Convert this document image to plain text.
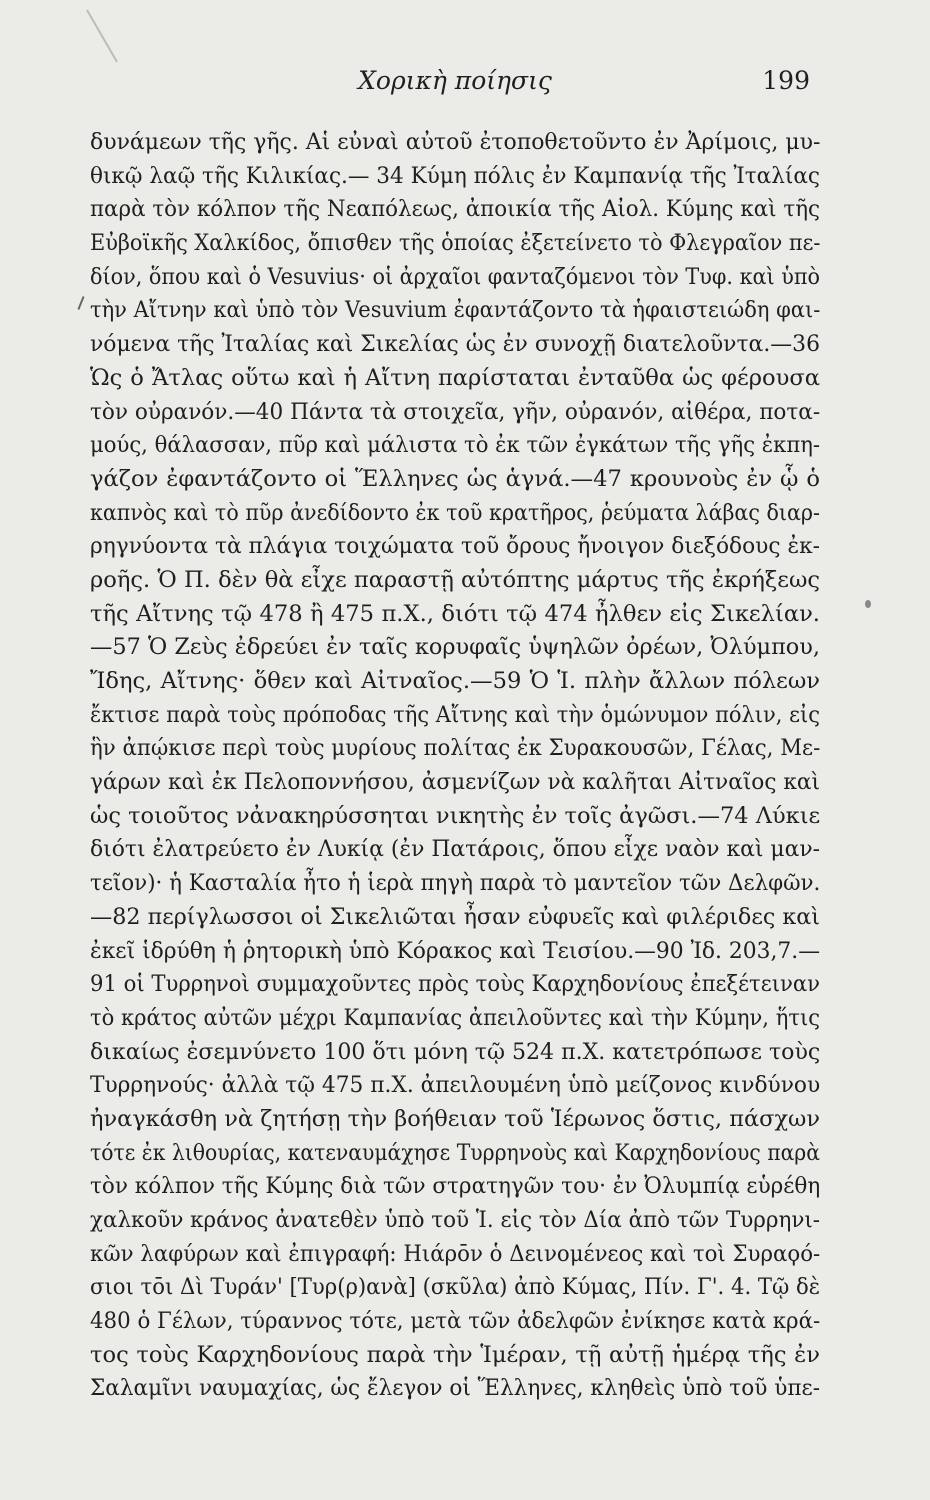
Χορικὴ ποίησις	199
δυνάμεων τῆς γῆς. Αἱ εὐναὶ αὐτοῦ ἐτοποθετοῦντο ἐν Ἀρίμοις, μυ-
θικῷ λαῷ τῆς Κιλικίας.— 34 Κύμη πόλις ἐν Καμπανίᾳ τῆς Ἰταλίας
παρὰ τὸν κόλπον τῆς Νεαπόλεως, ἀποικία τῆς Αἰολ. Κύμης καὶ τῆς
Εὐβοϊκῆς Χαλκίδος, ὄπισθεν τῆς ὁποίας ἐξετείνετο τὸ Φλεγραῖον πε-
δίον, ὅπου καὶ ὁ Vesuvius· οἱ ἀρχαῖοι φανταζόμενοι τὸν Τυφ. καὶ ὑπὸ
τὴν Αἴτνην καὶ ὑπὸ τὸν Vesuvium ἐφαντάζοντο τὰ ἡφαιστειώδη φαι-
νόμενα τῆς Ἰταλίας καὶ Σικελίας ὡς ἐν συνοχῇ διατελοῦντα.—36
Ὡς ὁ Ἄτλας οὕτω καὶ ἡ Αἴτνη παρίσταται ἐνταῦθα ὡς φέρουσα
τὸν οὐρανόν.—40 Πάντα τὰ στοιχεῖα, γῆν, οὐρανόν, αἰθέρα, ποτα-
μούς, θάλασσαν, πῦρ καὶ μάλιστα τὸ ἐκ τῶν ἐγκάτων τῆς γῆς ἐκπη-
γάζον ἐφαντάζοντο οἱ Ἕλληνες ὡς ἁγνά.—47 κρουνοὺς ἐν ᾧ ὁ
καπνὸς καὶ τὸ πῦρ ἀνεδίδοντο ἐκ τοῦ κρατῆρος, ῥεύματα λάβας διαρ-
ρηγνύοντα τὰ πλάγια τοιχώματα τοῦ ὄρους ἤνοιγον διεξόδους ἐκ-
ροῆς. Ὁ Π. δὲν θὰ εἶχε παραστῇ αὐτόπτης μάρτυς τῆς ἐκρήξεως
τῆς Αἴτνης τῷ 478 ἢ 475 π.Χ., διότι τῷ 474 ἦλθεν εἰς Σικελίαν.
—57 Ὁ Ζεὺς ἐδρεύει ἐν ταῖς κορυφαῖς ὑψηλῶν ὀρέων, Ὀλύμπου,
Ἴδης, Αἴτνης· ὅθεν καὶ Αἰτναῖος.—59 Ὁ Ἱ. πλὴν ἄλλων πόλεων
ἔκτισε παρὰ τοὺς πρόποδας τῆς Αἴτνης καὶ τὴν ὁμώνυμον πόλιν, εἰς
ἣν ἀπῴκισε περὶ τοὺς μυρίους πολίτας ἐκ Συρακουσῶν, Γέλας, Με-
γάρων καὶ ἐκ Πελοποννήσου, ἀσμενίζων νὰ καλῆται Αἰτναῖος καὶ
ὡς τοιοῦτος νἀνακηρύσσηται νικητὴς ἐν τοῖς ἀγῶσι.—74 Λύκιε
διότι ἐλατρεύετο ἐν Λυκίᾳ (ἐν Πατάροις, ὅπου εἶχε ναὸν καὶ μαν-
τεῖον)· ἡ Κασταλία ἦτο ἡ ἱερὰ πηγὴ παρὰ τὸ μαντεῖον τῶν Δελφῶν.
—82 περίγλωσσοι οἱ Σικελιῶται ἦσαν εὐφυεῖς καὶ φιλέριδες καὶ
ἐκεῖ ἱδρύθη ἡ ῥητορικὴ ὑπὸ Κόρακος καὶ Τεισίου.—90 Ἰδ. 203,7.—
91 οἱ Τυρρηνοὶ συμμαχοῦντες πρὸς τοὺς Καρχηδονίους ἐπεξέτειναν
τὸ κράτος αὐτῶν μέχρι Καμπανίας ἀπειλοῦντες καὶ τὴν Κύμην, ἥτις
δικαίως ἐσεμνύνετο 100 ὅτι μόνη τῷ 524 π.Χ. κατετρόπωσε τοὺς
Τυρρηνούς· ἀλλὰ τῷ 475 π.Χ. ἀπειλουμένη ὑπὸ μείζονος κινδύνου
ἠναγκάσθη νὰ ζητήσῃ τὴν βοήθειαν τοῦ Ἱέρωνος ὅστις, πάσχων
τότε ἐκ λιθουρίας, κατεναυμάχησε Τυρρηνοὺς καὶ Καρχηδονίους παρὰ
τὸν κόλπον τῆς Κύμης διὰ τῶν στρατηγῶν του· ἐν Ὀλυμπίᾳ εὑρέθη
χαλκοῦν κράνος ἀνατεθὲν ὑπὸ τοῦ Ἱ. εἰς τὸν Δία ἀπὸ τῶν Τυρρηνι-
κῶν λαφύρων καὶ ἐπιγραφή: Hιάρōν ὁ Δεινομένεος καὶ τοὶ Συραϙό-
σιοι τōι Δὶ Τυράν' [Τυρ(ρ)ανὰ] (σκῦλα) ἀπὸ Κύμας, Πίν. Γ'. 4. Τῷ δὲ
480 ὁ Γέλων, τύραννος τότε, μετὰ τῶν ἀδελφῶν ἐνίκησε κατὰ κρά-
τος τοὺς Καρχηδονίους παρὰ τὴν Ἱμέραν, τῇ αὐτῇ ἡμέρᾳ τῆς ἐν
Σαλαμῖνι ναυμαχίας, ὡς ἔλεγον οἱ Ἕλληνες, κληθεὶς ὑπὸ τοῦ ὑπε-
